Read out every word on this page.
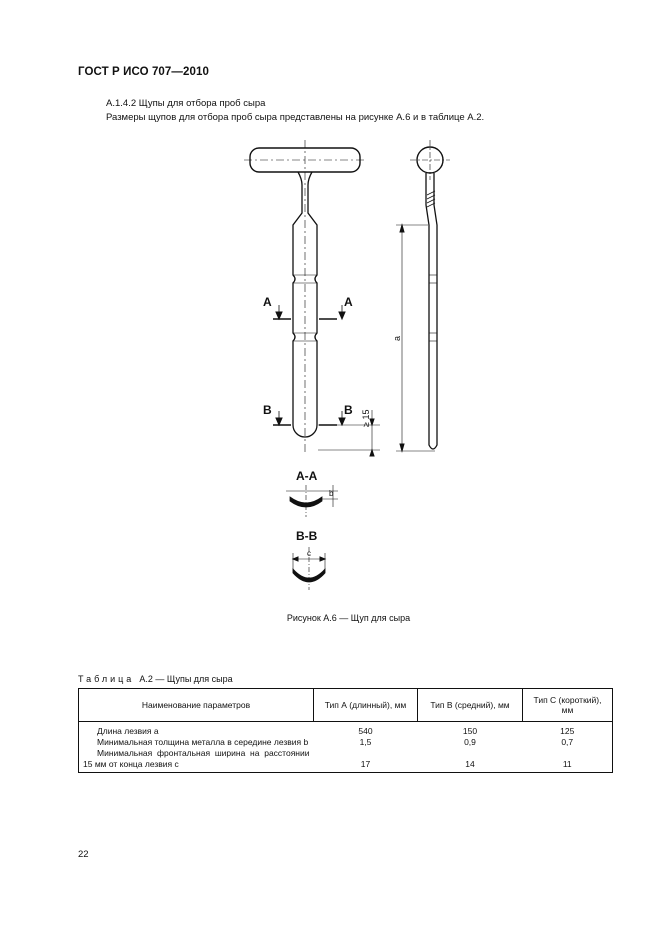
ГОСТ Р ИСО 707—2010
А.1.4.2 Щупы для отбора проб сыра
Размеры щупов для отбора проб сыра представлены на рисунке А.6 и в таблице А.2.
A	A
B	B ≥ 15
a
A-A
b
B-B
c
Рисунок А.6 — Щуп для сыра
Таблица А.2 — Щупы для сыра
Наименование параметров	Тип А (длинный), мм	Тип В (средний), мм	Тип С (короткий), мм
Длина лезвия a	540	150	125
Минимальная толщина металла в середине лезвия b	1,5	0,9	0,7
Минимальная фронтальная ширина на расстоянии 15 мм от конца лезвия c	17	14	11
22
